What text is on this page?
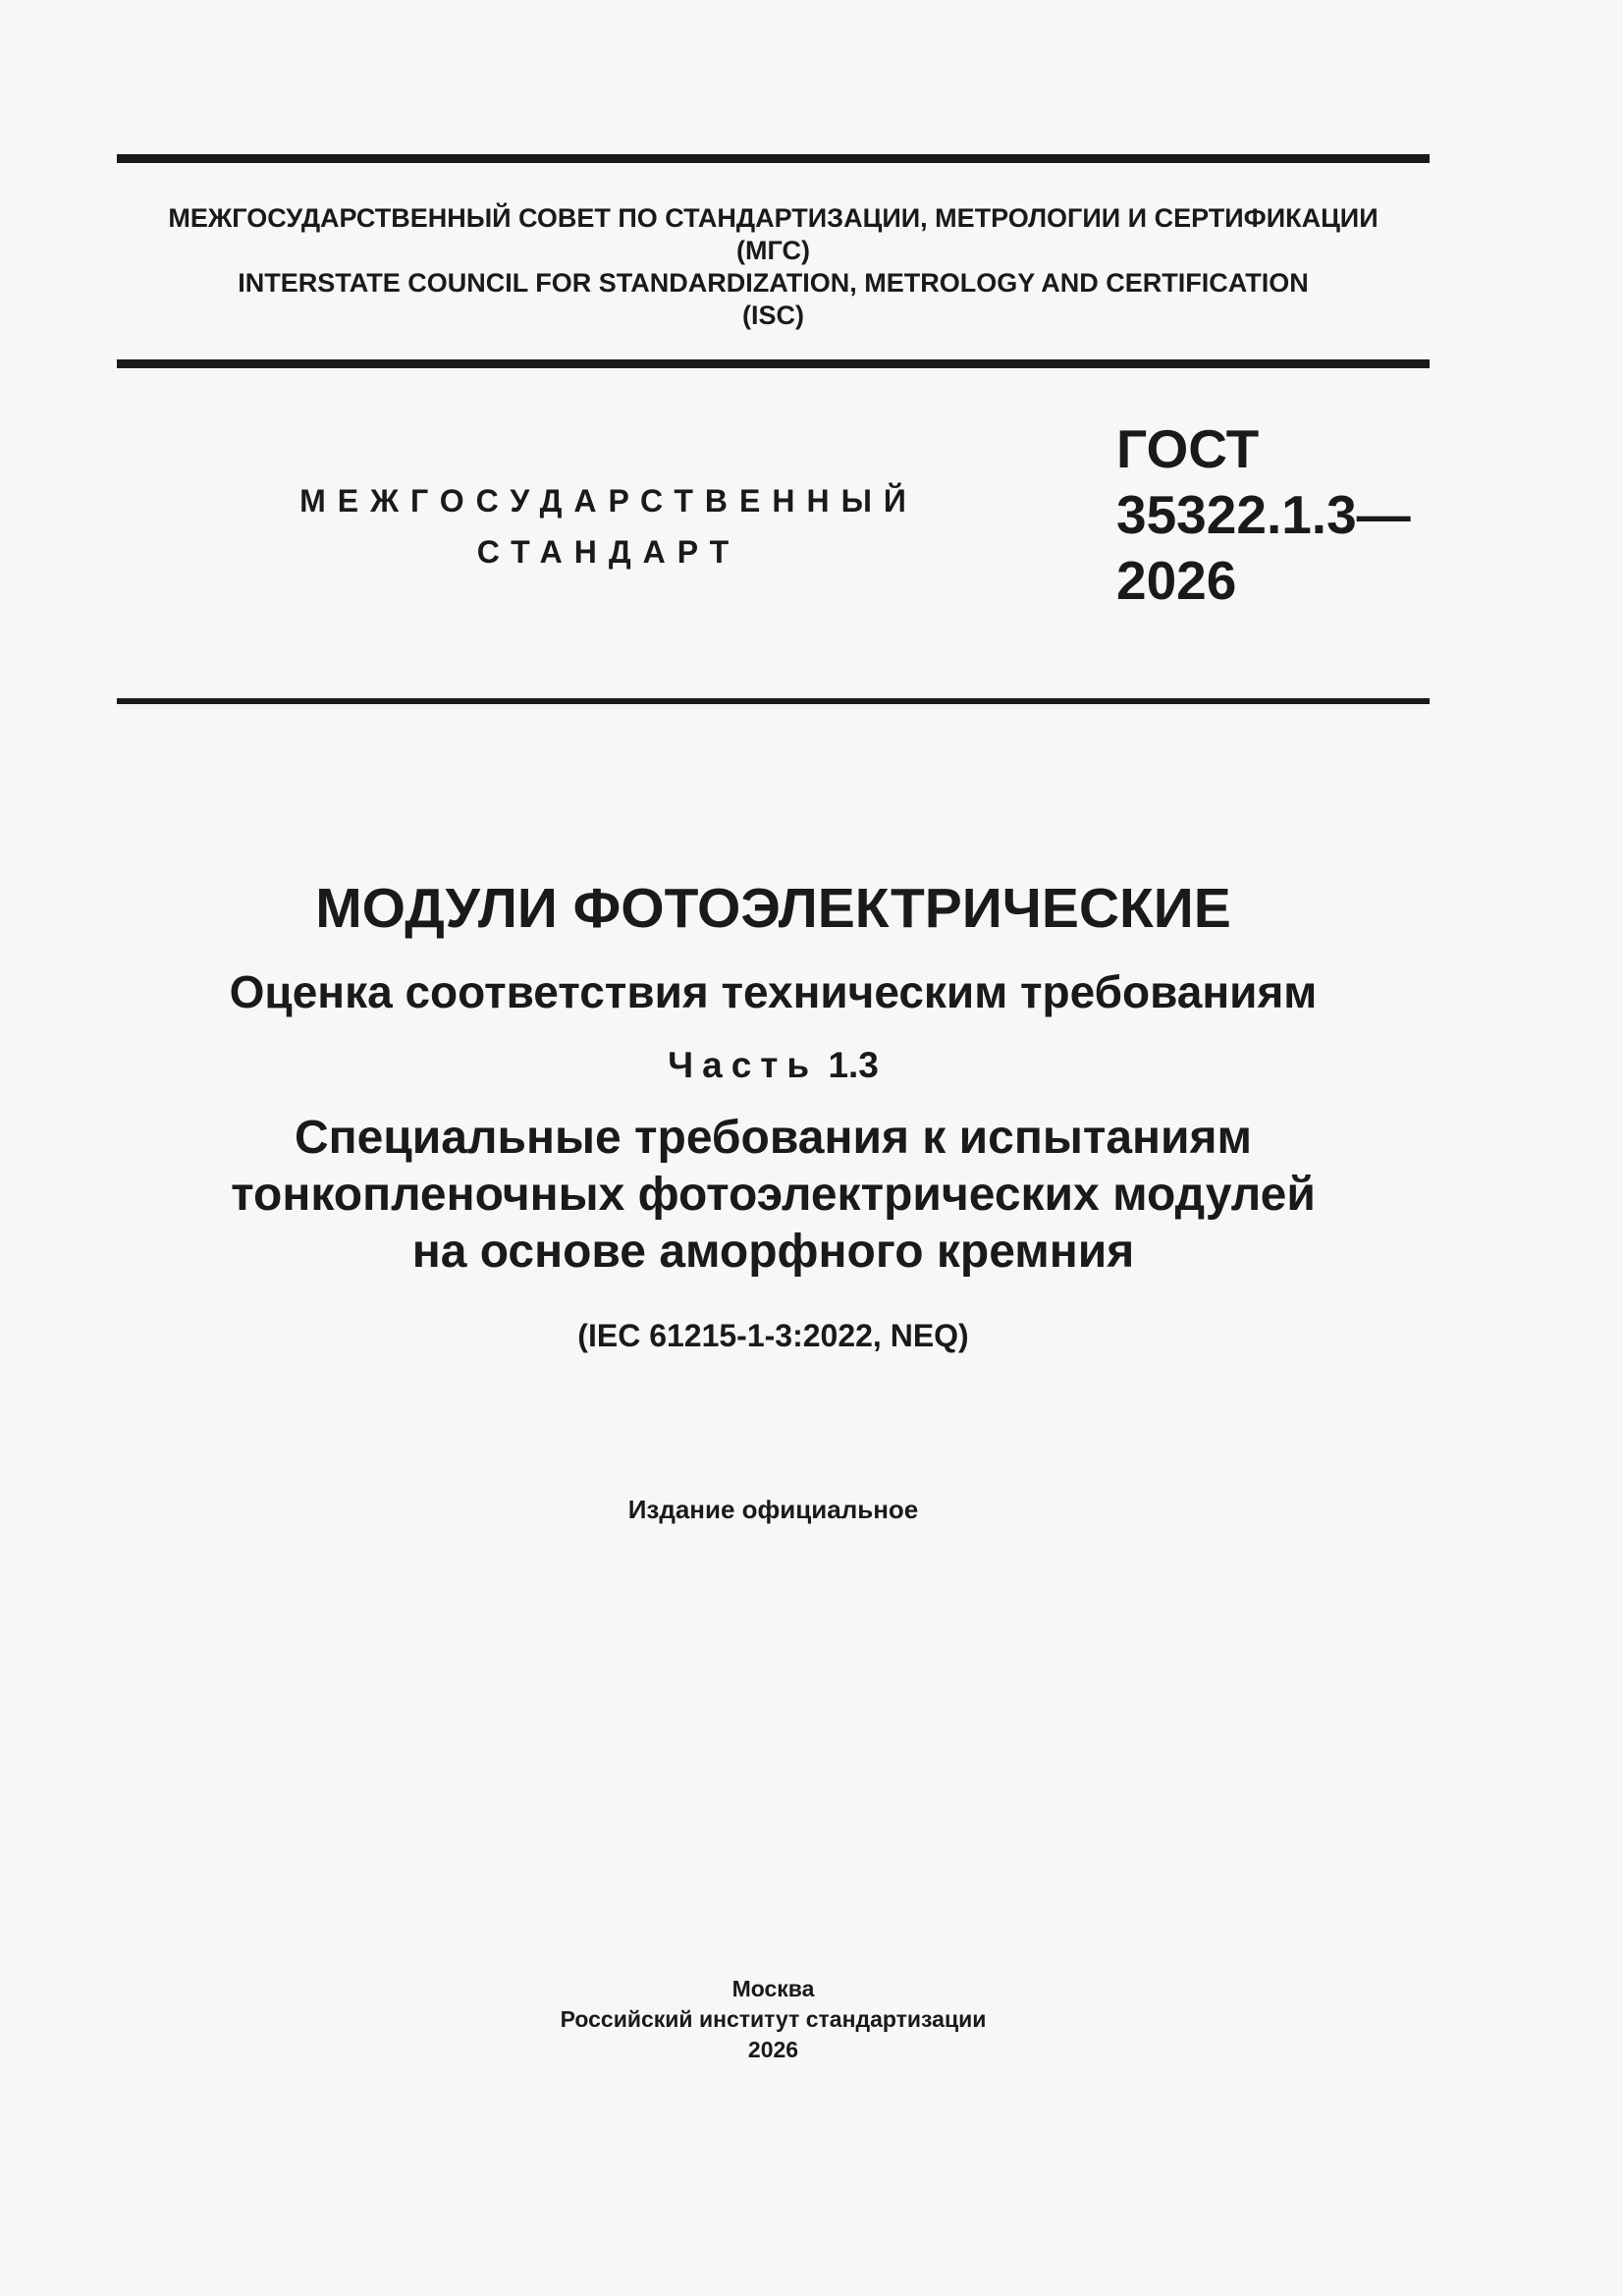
МЕЖГОСУДАРСТВЕННЫЙ СОВЕТ ПО СТАНДАРТИЗАЦИИ, МЕТРОЛОГИИ И СЕРТИФИКАЦИИ
(МГС)
INTERSTATE COUNCIL FOR STANDARDIZATION, METROLOGY AND CERTIFICATION
(ISC)
МЕЖГОСУДАРСТВЕННЫЙ
СТАНДАРТ
ГОСТ
35322.1.3—
2026
МОДУЛИ ФОТОЭЛЕКТРИЧЕСКИЕ
Оценка соответствия техническим требованиям
Часть 1.3
Специальные требования к испытаниям
тонкопленочных фотоэлектрических модулей
на основе аморфного кремния
(IEC 61215-1-3:2022, NEQ)
Издание официальное
Москва
Российский институт стандартизации
2026
